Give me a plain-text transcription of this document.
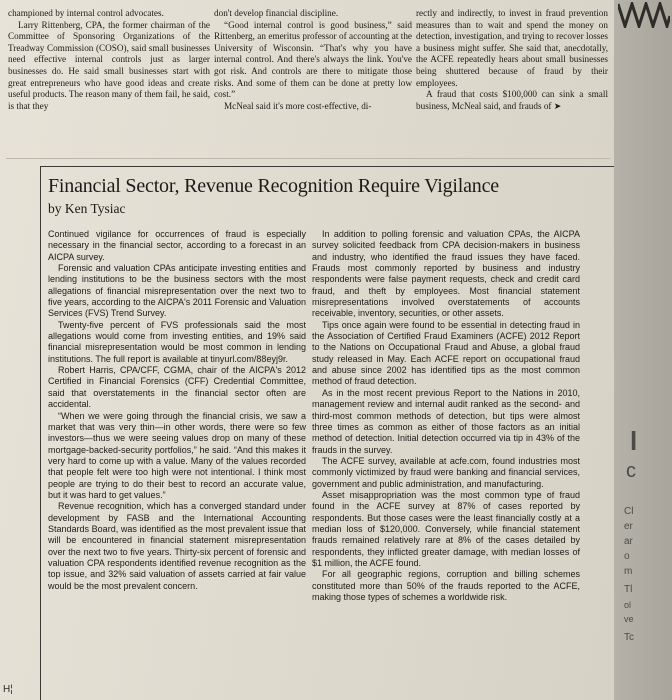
championed by internal control advocates.

Larry Rittenberg, CPA, the former chairman of the Committee of Sponsoring Organizations of the Treadway Commission (COSO), said small businesses need effective internal controls just as larger businesses do. He said small businesses start with great entrepreneurs who have good ideas and create useful products. The reason many of them fail, he said, is that they

don't develop financial discipline.

“Good internal control is good business,” said Rittenberg, an emeritus professor of accounting at the University of Wisconsin. “That's why you have internal control. And there's always the link. You've got risk. And controls are there to mitigate those risks. And some of them can be done at pretty low cost.”

McNeal said it's more cost-effective, di-

rectly and indirectly, to invest in fraud prevention measures than to wait and spend the money on detection, investigation, and trying to recover losses a business might suffer. She said that, anecdotally, the ACFE repeatedly hears about small businesses being shuttered because of fraud by their employees.

A fraud that costs $100,000 can sink a small business, McNeal said, and frauds of ➤

Financial Sector, Revenue Recognition Require Vigilance
by Ken Tysiac

Continued vigilance for occurrences of fraud is especially necessary in the financial sector, according to a forecast in an AICPA survey.

Forensic and valuation CPAs anticipate investing entities and lending institutions to be the business sectors with the most allegations of financial misrepresentation over the next two to five years, according to the AICPA's 2011 Forensic and Valuation Services (FVS) Trend Survey.

Twenty-five percent of FVS professionals said the most allegations would come from investing entities, and 19% said financial misrepresentation would be most common in lending institutions. The full report is available at tinyurl.com/88eyj9r.

Robert Harris, CPA/CFF, CGMA, chair of the AICPA's 2012 Certified in Financial Forensics (CFF) Credential Committee, said that overstatements in the financial sector often are accidental.

“When we were going through the financial crisis, we saw a market that was very thin—in other words, there were so few investors—thus we were seeing values drop on many of these mortgage-backed-security portfolios,” he said. “And this makes it very hard to come up with a value. Many of the values recorded that people felt were too high were not intentional. I think most people are trying to do their best to record an accurate value, but it was hard to get values.”

Revenue recognition, which has a converged standard under development by FASB and the International Accounting Standards Board, was identified as the most prevalent issue that will be encountered in financial statement misrepresentation over the next two to five years. Thirty-six percent of forensic and valuation CPA respondents identified revenue recognition as the top issue, and 32% said valuation of assets carried at fair value would be the most prevalent concern.

In addition to polling forensic and valuation CPAs, the AICPA survey solicited feedback from CPA decision-makers in business and industry, who identified the fraud issues they have faced. Frauds most commonly reported by business and industry respondents were false payment requests, check and credit card fraud, and theft by employees. Most financial statement misrepresentations involved overstatements of accounts receivable, inventory, securities, or other assets.

Tips once again were found to be essential in detecting fraud in the Association of Certified Fraud Examiners (ACFE) 2012 Report to the Nations on Occupational Fraud and Abuse, a global fraud study released in May. Each ACFE report on occupational fraud and abuse since 2002 has identified tips as the most common method of fraud detection.

As in the most recent previous Report to the Nations in 2010, management review and internal audit ranked as the second- and third-most common methods of detection, but tips were almost three times as common as either of those factors as an initial method of detection. Initial detection occurred via tip in 43% of the frauds in the survey.

The ACFE survey, available at acfe.com, found industries most commonly victimized by fraud were banking and financial services, government and public administration, and manufacturing.

Asset misappropriation was the most common type of fraud found in the ACFE survey at 87% of cases reported by respondents. But those cases were the least financially costly at a median loss of $120,000. Conversely, while financial statement frauds remained relatively rare at 8% of the cases detailed by respondents, they inflicted greater damage, with median losses of $1 million, the ACFE found.

For all geographic regions, corruption and billing schemes constituted more than 50% of the frauds reported to the ACFE, making those types of schemes a worldwide risk.

l
c
Cl
er
ar
o
m
Tl
ol
ve
Tc
H¦
